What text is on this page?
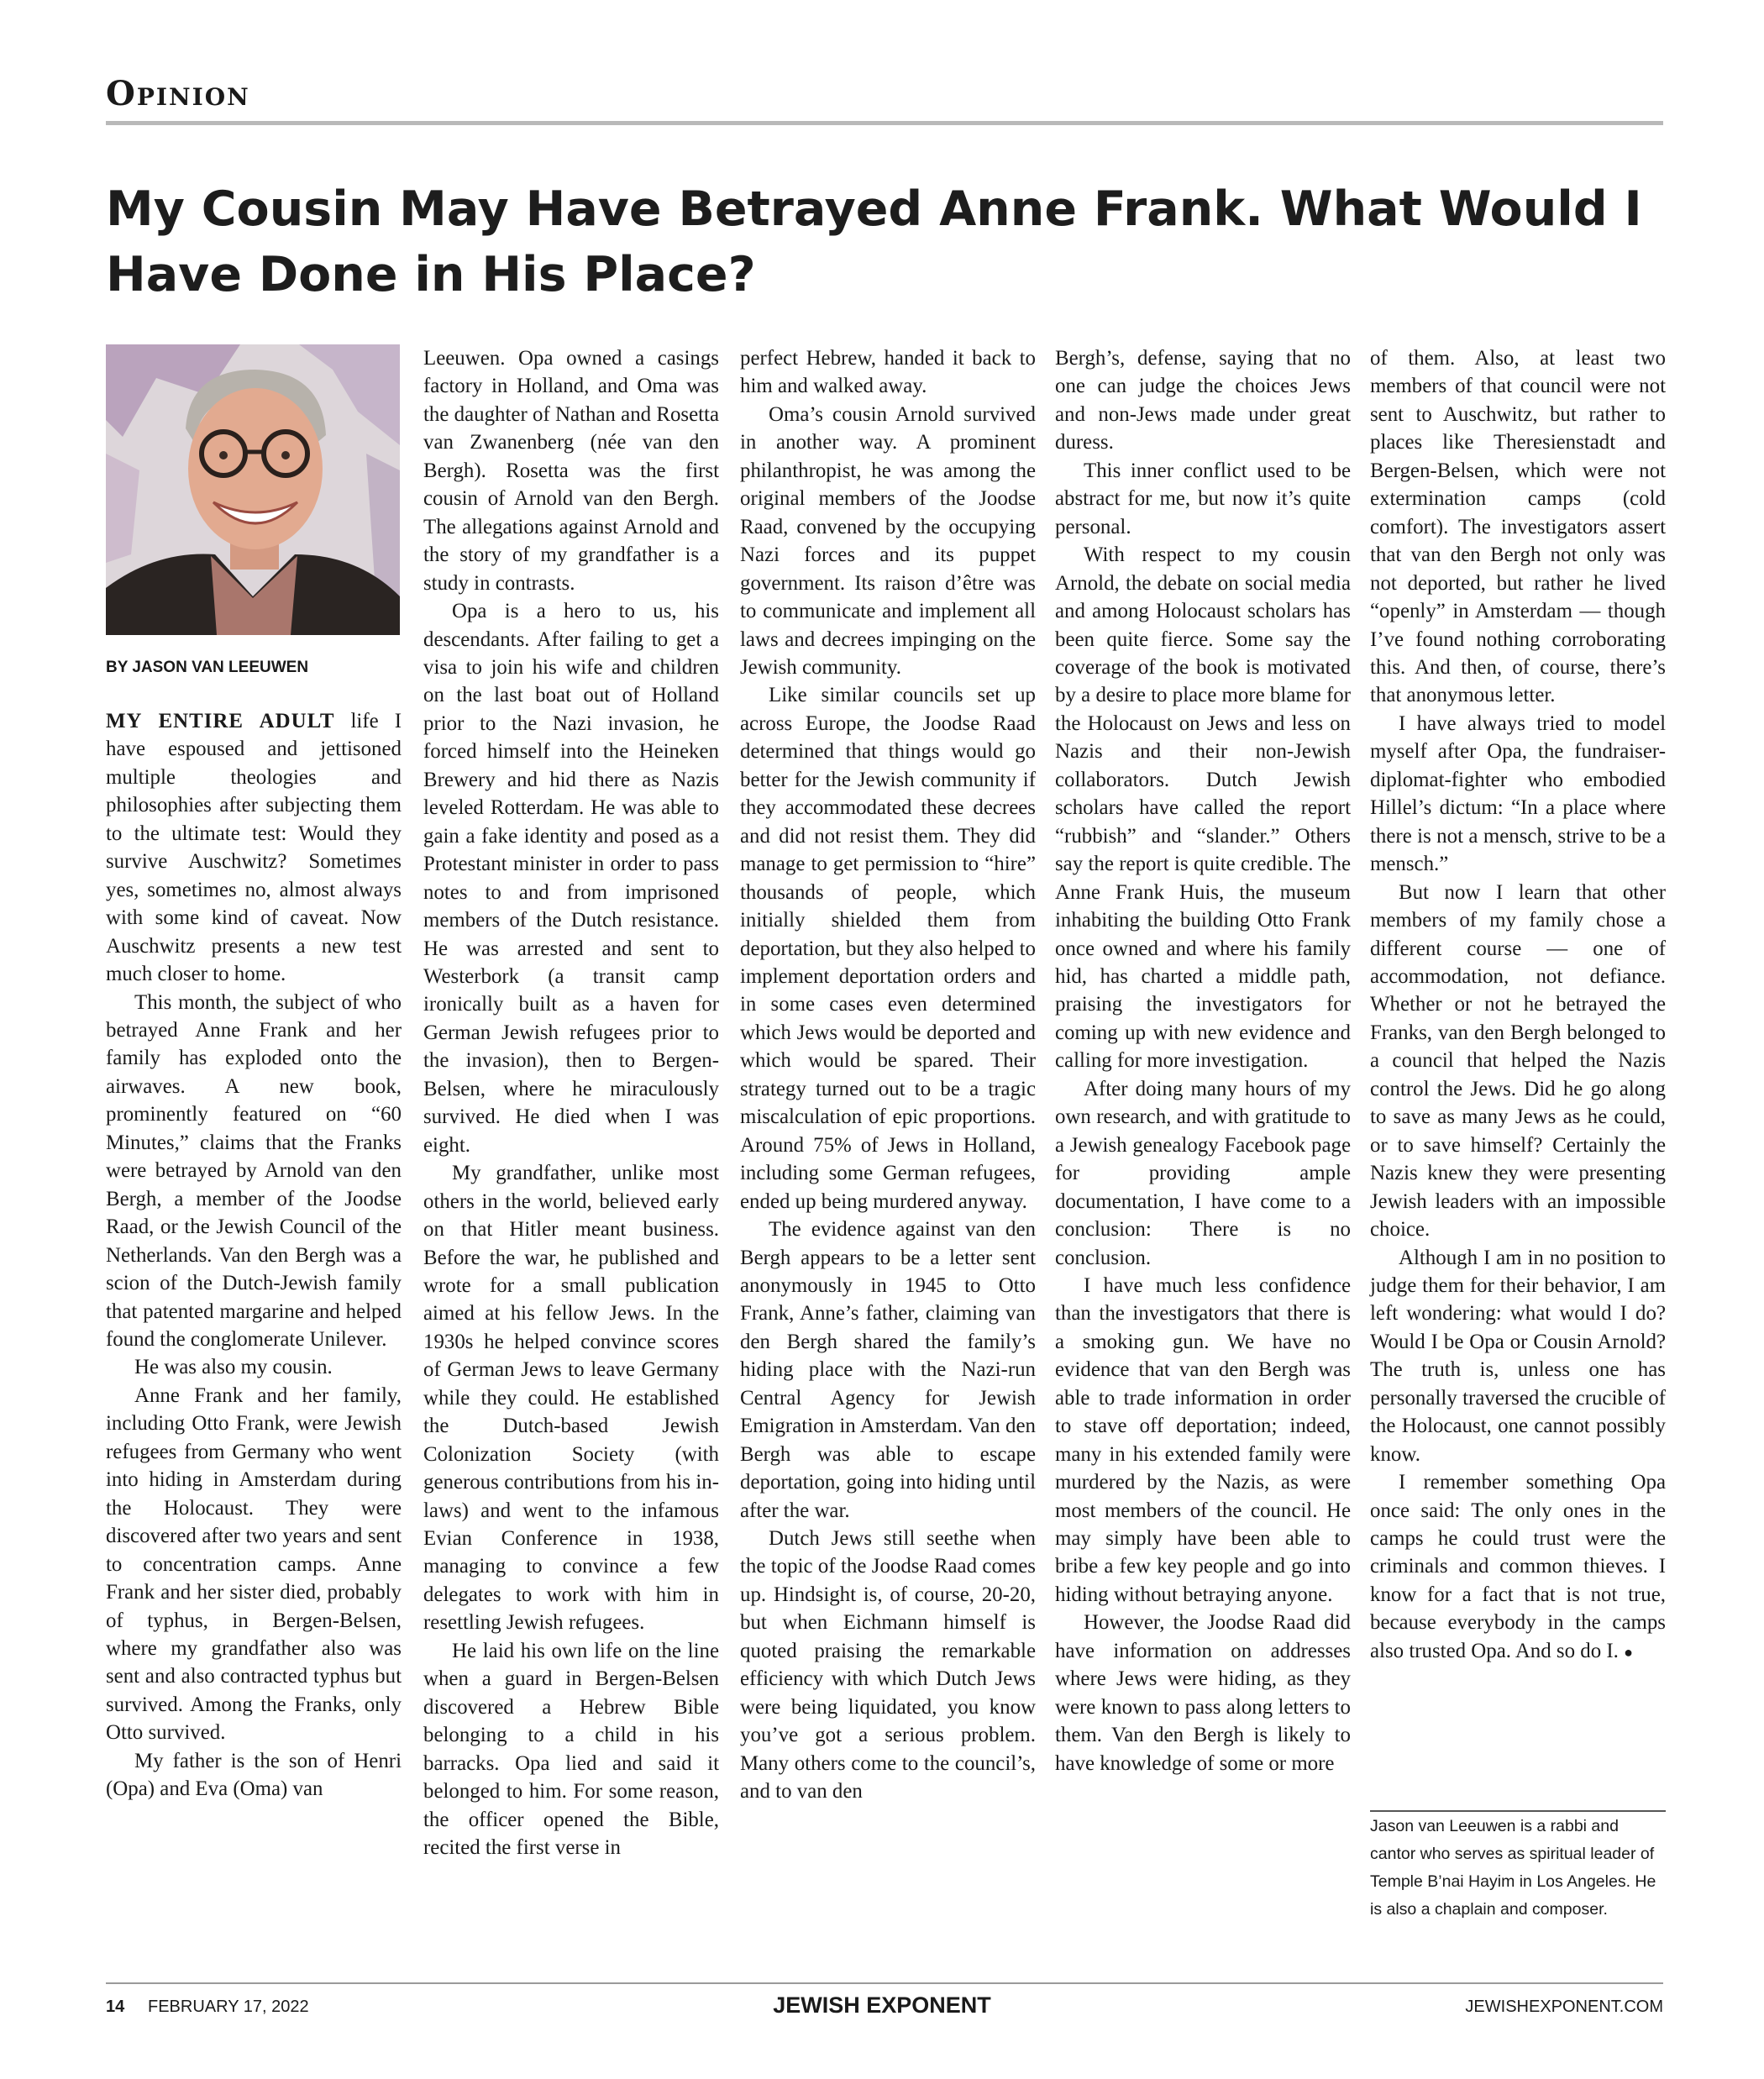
Opinion
My Cousin May Have Betrayed Anne Frank. What Would I Have Done in His Place?

BY JASON VAN LEEUWEN

MY ENTIRE ADULT life I have espoused and jettisoned multiple theologies and philosophies after subjecting them to the ultimate test: Would they survive Auschwitz? Sometimes yes, sometimes no, almost always with some kind of caveat. Now Auschwitz presents a new test much closer to home.

This month, the subject of who betrayed Anne Frank and her family has exploded onto the airwaves. A new book, prominently featured on “60 Minutes,” claims that the Franks were betrayed by Arnold van den Bergh, a member of the Joodse Raad, or the Jewish Council of the Netherlands. Van den Bergh was a scion of the Dutch-Jewish family that patented margarine and helped found the conglomerate Unilever.

He was also my cousin.

Anne Frank and her family, including Otto Frank, were Jewish refugees from Germany who went into hiding in Amsterdam during the Holocaust. They were discovered after two years and sent to concentration camps. Anne Frank and her sister died, probably of typhus, in Bergen-Belsen, where my grandfather also was sent and also contracted typhus but survived. Among the Franks, only Otto survived.

My father is the son of Henri (Opa) and Eva (Oma) van

Leeuwen. Opa owned a casings factory in Holland, and Oma was the daughter of Nathan and Rosetta van Zwanenberg (née van den Bergh). Rosetta was the first cousin of Arnold van den Bergh. The allegations against Arnold and the story of my grandfather is a study in contrasts.

Opa is a hero to us, his descendants. After failing to get a visa to join his wife and children on the last boat out of Holland prior to the Nazi invasion, he forced himself into the Heineken Brewery and hid there as Nazis leveled Rotterdam. He was able to gain a fake identity and posed as a Protestant minister in order to pass notes to and from imprisoned members of the Dutch resistance. He was arrested and sent to Westerbork (a transit camp ironically built as a haven for German Jewish refugees prior to the invasion), then to Bergen-Belsen, where he miraculously survived. He died when I was eight.

My grandfather, unlike most others in the world, believed early on that Hitler meant business. Before the war, he published and wrote for a small publication aimed at his fellow Jews. In the 1930s he helped convince scores of German Jews to leave Germany while they could. He established the Dutch-based Jewish Colonization Society (with generous contributions from his in-laws) and went to the infamous Evian Conference in 1938, managing to convince a few delegates to work with him in resettling Jewish refugees.

He laid his own life on the line when a guard in Bergen-Belsen discovered a Hebrew Bible belonging to a child in his barracks. Opa lied and said it belonged to him. For some reason, the officer opened the Bible, recited the first verse in

perfect Hebrew, handed it back to him and walked away.

Oma’s cousin Arnold survived in another way. A prominent philanthropist, he was among the original members of the Joodse Raad, convened by the occupying Nazi forces and its puppet government. Its raison d’être was to communicate and implement all laws and decrees impinging on the Jewish community.

Like similar councils set up across Europe, the Joodse Raad determined that things would go better for the Jewish community if they accommodated these decrees and did not resist them. They did manage to get permission to “hire” thousands of people, which initially shielded them from deportation, but they also helped to implement deportation orders and in some cases even determined which Jews would be deported and which would be spared. Their strategy turned out to be a tragic miscalculation of epic proportions. Around 75% of Jews in Holland, including some German refugees, ended up being murdered anyway.

The evidence against van den Bergh appears to be a letter sent anonymously in 1945 to Otto Frank, Anne’s father, claiming van den Bergh shared the family’s hiding place with the Nazi-run Central Agency for Jewish Emigration in Amsterdam. Van den Bergh was able to escape deportation, going into hiding until after the war.

Dutch Jews still seethe when the topic of the Joodse Raad comes up. Hindsight is, of course, 20-20, but when Eichmann himself is quoted praising the remarkable efficiency with which Dutch Jews were being liquidated, you know you’ve got a serious problem. Many others come to the council’s, and to van den

Bergh’s, defense, saying that no one can judge the choices Jews and non-Jews made under great duress.

This inner conflict used to be abstract for me, but now it’s quite personal.

With respect to my cousin Arnold, the debate on social media and among Holocaust scholars has been quite fierce. Some say the coverage of the book is motivated by a desire to place more blame for the Holocaust on Jews and less on Nazis and their non-Jewish collaborators. Dutch Jewish scholars have called the report “rubbish” and “slander.” Others say the report is quite credible. The Anne Frank Huis, the museum inhabiting the building Otto Frank once owned and where his family hid, has charted a middle path, praising the investigators for coming up with new evidence and calling for more investigation.

After doing many hours of my own research, and with gratitude to a Jewish genealogy Facebook page for providing ample documentation, I have come to a conclusion: There is no conclusion.

I have much less confidence than the investigators that there is a smoking gun. We have no evidence that van den Bergh was able to trade information in order to stave off deportation; indeed, many in his extended family were murdered by the Nazis, as were most members of the council. He may simply have been able to bribe a few key people and go into hiding without betraying anyone.

However, the Joodse Raad did have information on addresses where Jews were hiding, as they were known to pass along letters to them. Van den Bergh is likely to have knowledge of some or more

of them. Also, at least two members of that council were not sent to Auschwitz, but rather to places like Theresienstadt and Bergen-Belsen, which were not extermination camps (cold comfort). The investigators assert that van den Bergh not only was not deported, but rather he lived “openly” in Amsterdam — though I’ve found nothing corroborating this. And then, of course, there’s that anonymous letter.

I have always tried to model myself after Opa, the fundraiser-diplomat-fighter who embodied Hillel’s dictum: “In a place where there is not a mensch, strive to be a mensch.”

But now I learn that other members of my family chose a different course — one of accommodation, not defiance. Whether or not he betrayed the Franks, van den Bergh belonged to a council that helped the Nazis control the Jews. Did he go along to save as many Jews as he could, or to save himself? Certainly the Nazis knew they were presenting Jewish leaders with an impossible choice.

Although I am in no position to judge them for their behavior, I am left wondering: what would I do? Would I be Opa or Cousin Arnold? The truth is, unless one has personally traversed the crucible of the Holocaust, one cannot possibly know.

I remember something Opa once said: The only ones in the camps he could trust were the criminals and common thieves. I know for a fact that is not true, because everybody in the camps also trusted Opa. And so do I. ●

Jason van Leeuwen is a rabbi and cantor who serves as spiritual leader of Temple B’nai Hayim in Los Angeles. He is also a chaplain and composer.

14 FEBRUARY 17, 2022	JEWISH EXPONENT	JEWISHEXPONENT.COM
